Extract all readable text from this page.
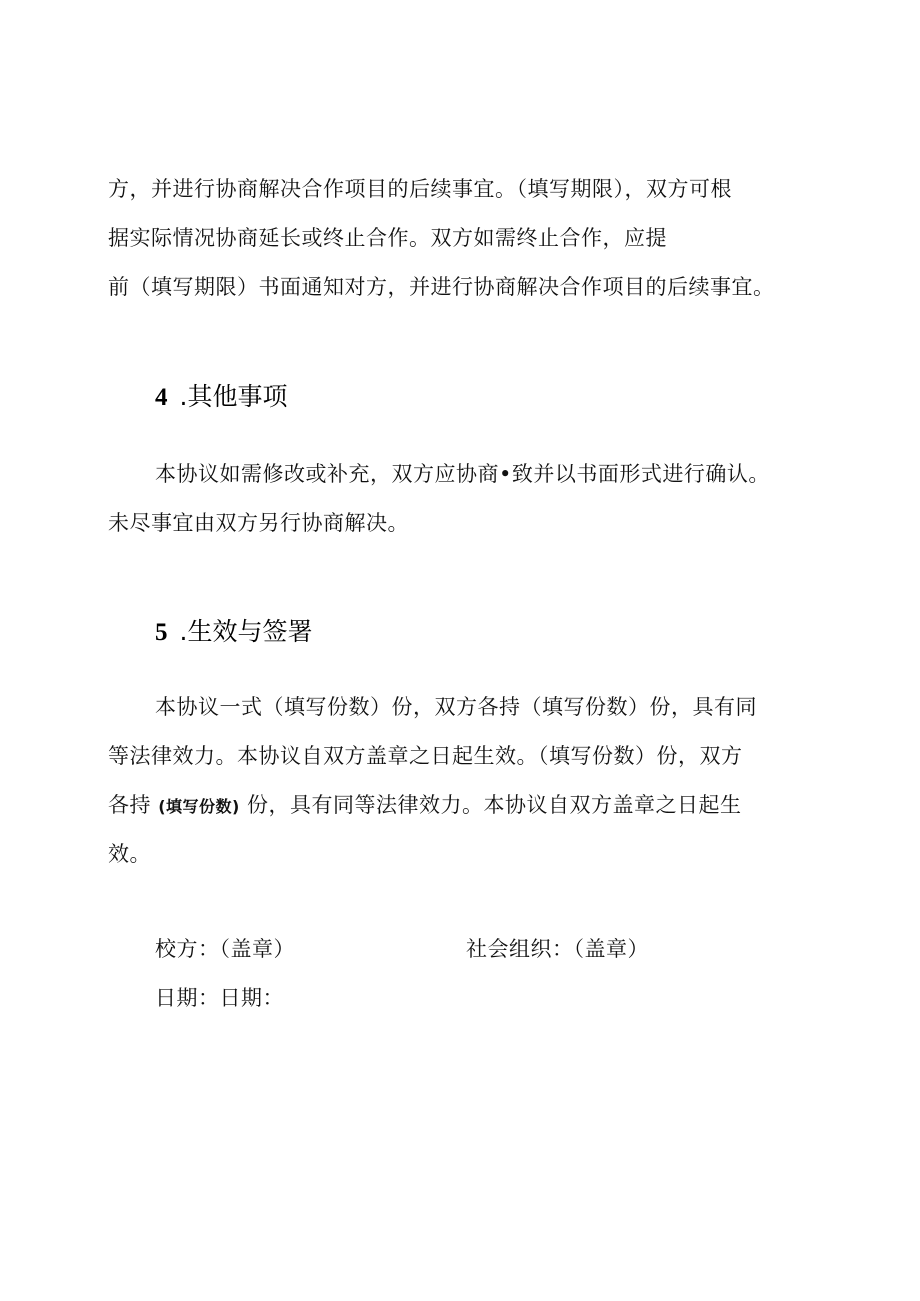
方，并进行协商解决合作项目的后续事宜。（填写期限），双方可根
据实际情况协商延长或终止合作。双方如需终止合作，应提
前（填写期限）书面通知对方，并进行协商解决合作项目的后续事宜。
4 .其他事项
本协议如需修改或补充，双方应协商•致并以书面形式进行确认。
未尽事宜由双方另行协商解决。
5 .生效与签署
本协议一式（填写份数）份，双方各持（填写份数）份，具有同
等法律效力。本协议自双方盖章之日起生效。（填写份数）份，双方
各持 (填写份数) 份，具有同等法律效力。本协议自双方盖章之日起生
效。
校方：（盖章）	社会组织：（盖章）
日期：日期：
